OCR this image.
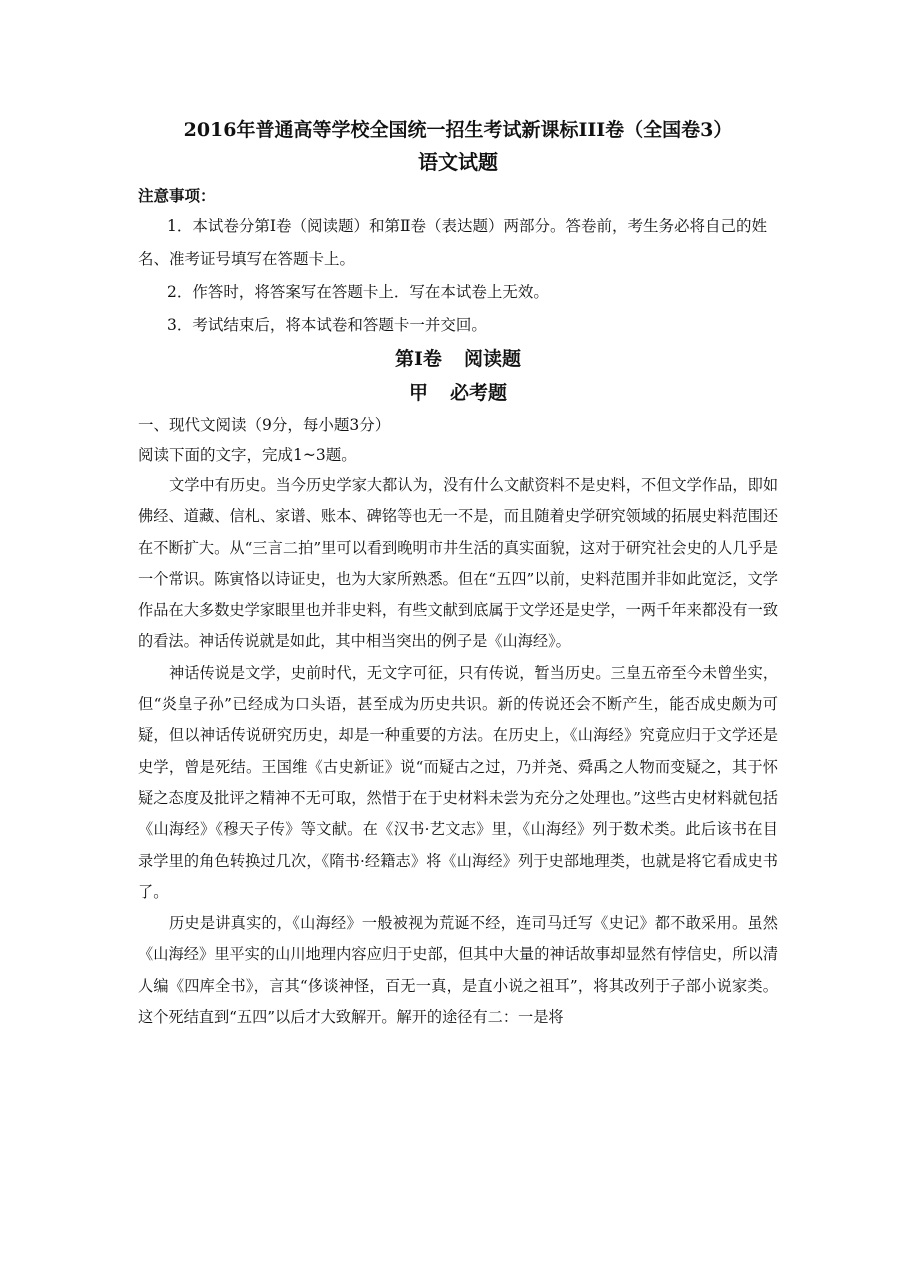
2016年普通高等学校全国统一招生考试新课标III卷（全国卷3）
语文试题

注意事项：

1．本试卷分第Ⅰ卷（阅读题）和第Ⅱ卷（表达题）两部分。答卷前，考生务必将自己的姓名、准考证号填写在答题卡上。

2．作答时，将答案写在答题卡上．写在本试卷上无效。

3．考试结束后，将本试卷和答题卡一并交回。

第Ⅰ卷 阅读题

甲 必考题

一、现代文阅读（9分，每小题3分）

阅读下面的文字，完成1~3题。

文学中有历史。当今历史学家大都认为，没有什么文献资料不是史料，不但文学作品，即如佛经、道藏、信札、家谱、账本、碑铭等也无一不是，而且随着史学研究领域的拓展史料范围还在不断扩大。从“三言二拍”里可以看到晚明市井生活的真实面貌，这对于研究社会史的人几乎是一个常识。陈寅恪以诗证史，也为大家所熟悉。但在“五四”以前，史料范围并非如此宽泛，文学作品在大多数史学家眼里也并非史料，有些文献到底属于文学还是史学，一两千年来都没有一致的看法。神话传说就是如此，其中相当突出的例子是《山海经》。

神话传说是文学，史前时代，无文字可征，只有传说，暂当历史。三皇五帝至今未曾坐实，但“炎皇子孙”已经成为口头语，甚至成为历史共识。新的传说还会不断产生，能否成史颇为可疑，但以神话传说研究历史，却是一种重要的方法。在历史上，《山海经》究竟应归于文学还是史学，曾是死结。王国维《古史新证》说“而疑古之过，乃并尧、舜禹之人物而变疑之，其于怀疑之态度及批评之精神不无可取，然惜于在于史材料未尝为充分之处理也。”这些古史材料就包括《山海经》《穆天子传》等文献。在《汉书·艺文志》里，《山海经》列于数术类。此后该书在目录学里的角色转换过几次，《隋书·经籍志》将《山海经》列于史部地理类，也就是将它看成史书了。

历史是讲真实的，《山海经》一般被视为荒诞不经，连司马迁写《史记》都不敢采用。虽然《山海经》里平实的山川地理内容应归于史部，但其中大量的神话故事却显然有悖信史，所以清人编《四库全书》，言其“侈谈神怪，百无一真，是直小说之祖耳”，将其改列于子部小说家类。这个死结直到“五四”以后才大致解开。解开的途径有二：一是将
